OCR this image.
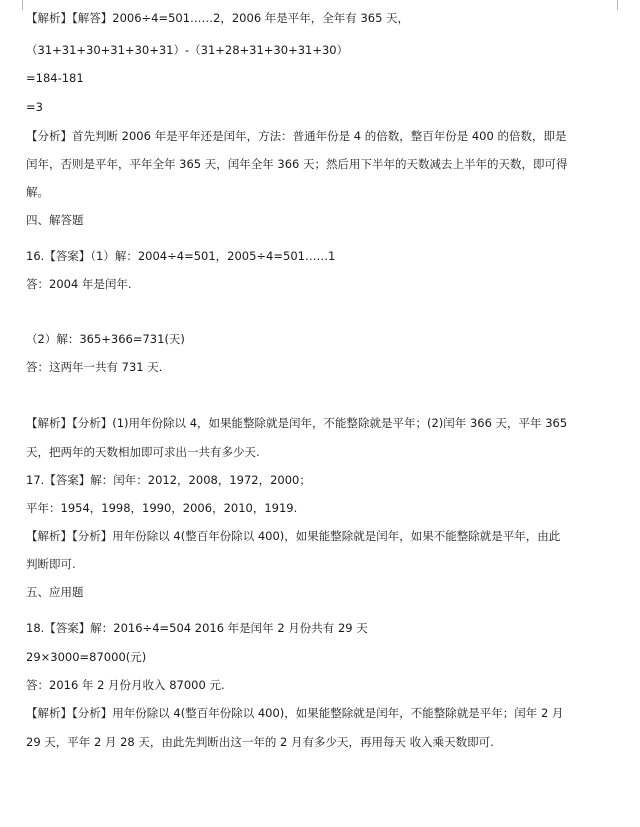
【解析】【解答】2006÷4=501……2，2006 年是平年，全年有 365 天，
（31+31+30+31+30+31）-（31+28+31+30+31+30）
=184-181
=3
【分析】首先判断 2006 年是平年还是闰年，方法：普通年份是 4 的倍数，整百年份是 400 的倍数，即是
闰年，否则是平年，平年全年 365 天，闰年全年 366 天；然后用下半年的天数减去上半年的天数，即可得
解。
四、解答题
16.【答案】（1）解：2004÷4=501，2005÷4=501……1
答：2004 年是闰年.
（2）解：365+366=731(天)
答：这两年一共有 731 天.
【解析】【分析】(1)用年份除以 4，如果能整除就是闰年，不能整除就是平年；(2)闰年 366 天，平年 365
天，把两年的天数相加即可求出一共有多少天.
17.【答案】解：闰年：2012，2008，1972，2000；
平年：1954，1998，1990，2006，2010，1919.
【解析】【分析】用年份除以 4(整百年份除以 400)，如果能整除就是闰年，如果不能整除就是平年，由此
判断即可.
五、应用题
18.【答案】解：2016÷4=504 2016 年是闰年 2 月份共有 29 天
29×3000=87000(元)
答：2016 年 2 月份月收入 87000 元.
【解析】【分析】用年份除以 4(整百年份除以 400)，如果能整除就是闰年，不能整除就是平年；闰年 2 月
29 天，平年 2 月 28 天，由此先判断出这一年的 2 月有多少天，再用每天 收入乘天数即可.
